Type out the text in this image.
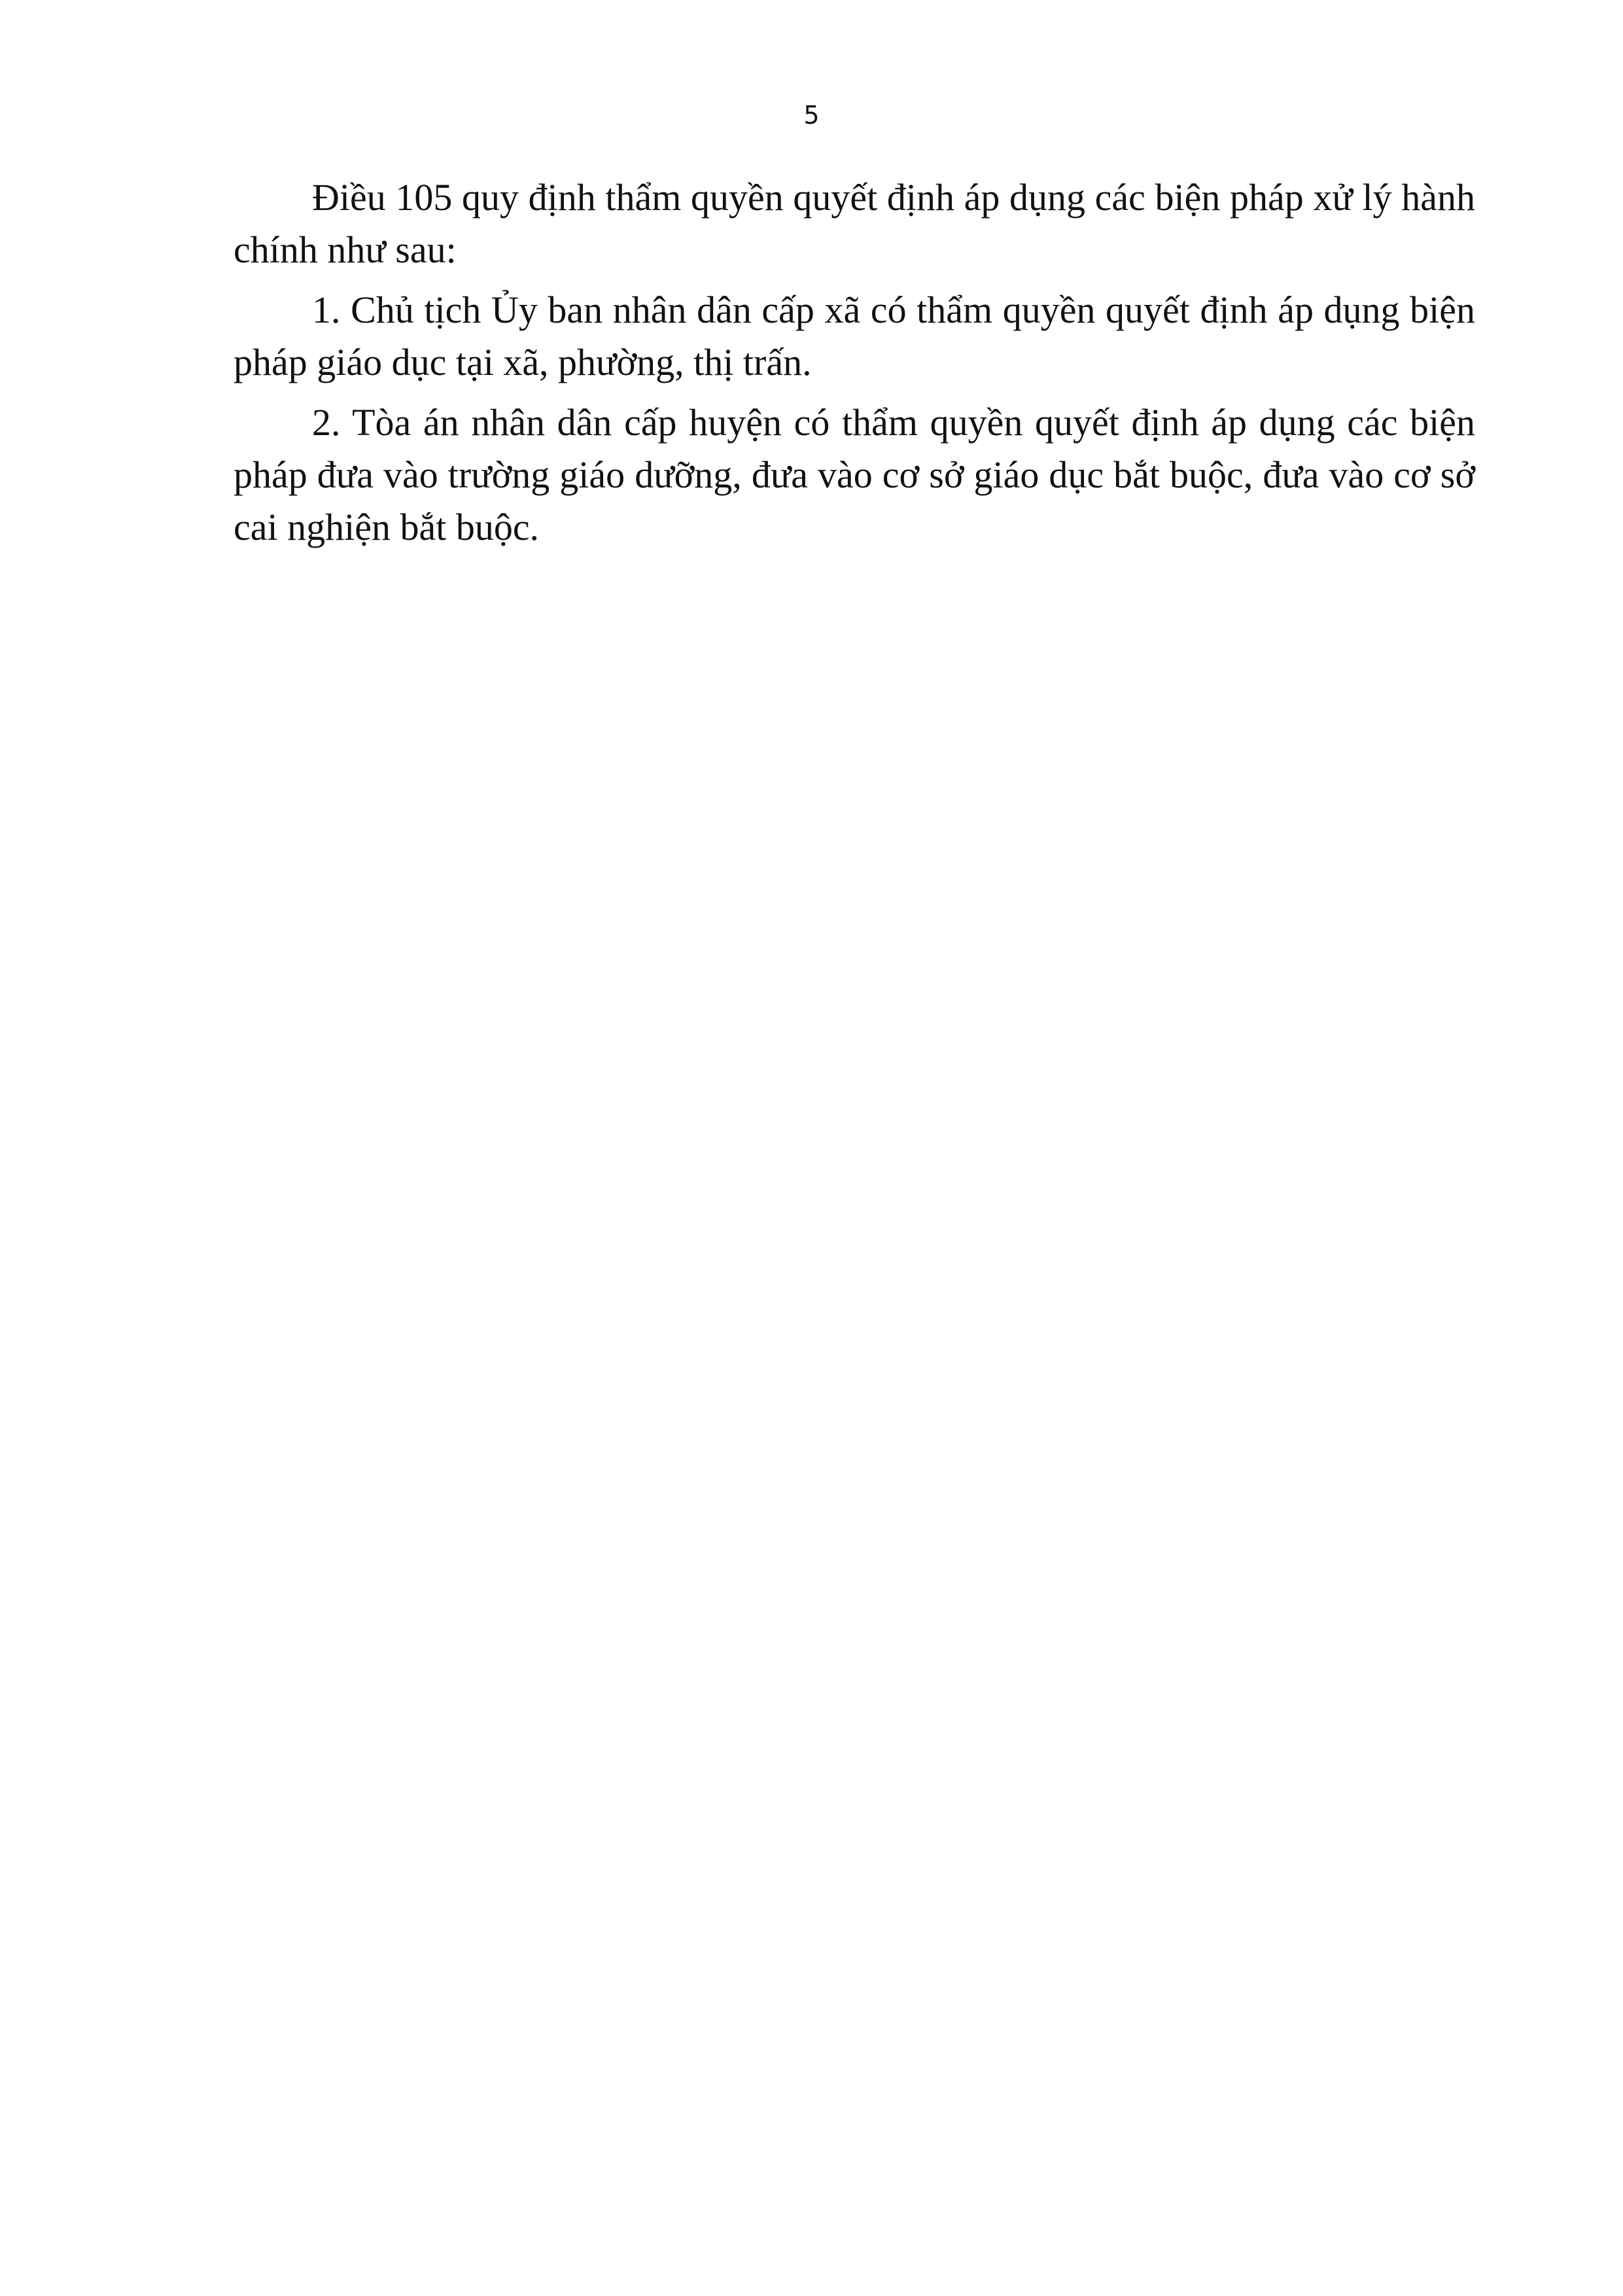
5

Điều 105 quy định thẩm quyền quyết định áp dụng các biện pháp xử lý hành chính như sau:

1. Chủ tịch Ủy ban nhân dân cấp xã có thẩm quyền quyết định áp dụng biện pháp giáo dục tại xã, phường, thị trấn.

2. Tòa án nhân dân cấp huyện có thẩm quyền quyết định áp dụng các biện pháp đưa vào trường giáo dưỡng, đưa vào cơ sở giáo dục bắt buộc, đưa vào cơ sở cai nghiện bắt buộc.
